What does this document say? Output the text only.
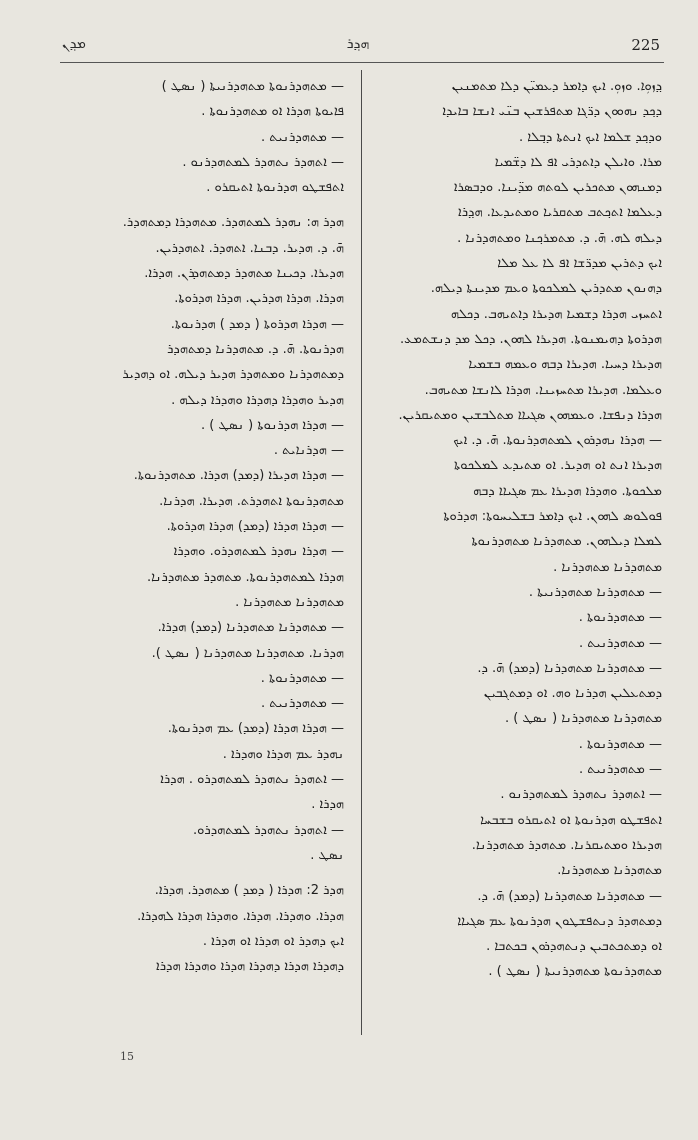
ܡܕ݂ܢ	ܗܕ݂ܪ	225
ܕ݂ܙܘܼܐ. ܘܙܘܼ. ܐܝܟ ܕܐܡܪ ܕܥܡܝ̈ܢ ܕܠܐ ܡܬܡܢܝܢ
ܕܟ݂ܕ ܢܗܘܘܢ ܕܪ̈ܓܐ ܡܬܦܪܫܝܢ ܒܢ̈ܝ ܐܢܫܐ ܒܐܝܕܐ
ܘܕܟ݂ܕ ܫܠܡܐ ܐܝܟ ܐܢܬܬܐ ܕܒ݂ܠܐ .
ܡܪܐ. ܘܐܝܠܢ ܕܐܬܕܪܝ ܐܦ ܠܐ ܕܫ̈ܡܝܐ
ܕܡܢܗܘܢ ܡܬܟܪܝܢ ܠܘܬܗ ܡܕ̈ܝܢܐ. ܘܕܒܣܪܐ
ܕܥܠܡܐ ܐܬܟ݂ܬܒ ܡܬܩܪܝܐ ܘܡܬܝܕܥܐ. ܗܕ݂ܪܐ
ܕܝܠܗ ܠܗ. ܗ̄. ܕ. ܡܬܡܪܟ݂ܢܐ ܘܡܬܗܕܪܢܐ .
ܐܝܟ ܕܬܪܝܢ ܡܕܪ̈ܫܐ ܐܦ ܠܐ ܥܠ ܡܠܐ
ܕܗܢܘܢ ܡܬܕܪܝܢ ܠܡܠܟܘܬܐ ܘܥܡ ܡܕܝܢܬܐ ܕܝܠܗ.
ܐܬܚܙܝ ܗܕܪܐ ܕܫܡܝܐ ܗܕܝܪܐ ܕܐܬܝܗܒ. ܕܟܠܗ
ܗܕܪܘܬܐ ܕܗܝܡܢܘܬܐ. ܗܕܝܪܐ ܠܗܘܢ. ܕܟܠ ܡܕ ܕܢܫܬܡܥ.
ܗܕܝܪܐ ܕܚܝܐ. ܗܕܝܪܐ ܕܒܗ ܘܥܡܗ ܒܫܡܝܐ
ܘܥܠܡܐ. ܗܕܝܪܐ ܡܬܚܙܝܢܐ. ܗܕܪܐ ܠܐܢܫܐ ܡܬܝܗܒ.
ܗܕܪܐ ܕܢܦܫܐ. ܘܥܡܗܘܢ ܣܓܝܐܐ ܡܬܠܒܫܝܢ ܘܡܬܝܩܪܝܢ.
— ܗܕܪܐ ܢܗܕܪܘܢ ܠܡܬܗܕܪܢܘܬܐ. ܗ̄. ܕ. ܐܝܟ
ܗܕܝܪܐ ܐܢܬ ܐܘ ܗܕܝܪ. ܐܘ ܡܬܝܕܥ ܠܡܠܟܘܬܐ
ܡܠܟܘܬܐ. ܘܗܕܪܐ ܗܕܝܪܐ ܥܡ ܣܓܝܐܐ ܕܒܗ
ܦܘܠܘܣ ܠܗܘܢ. ܐܝܟ ܕܐܡܪ ܒܫܠܝܚܘܬܐ: ܗܕܪܘܬܐ
ܠܡܠܐ ܕܝܠܗܘܢ. ܡܬܗܕܪܢܐ ܡܬܗܕܪܢܘܬܐ
ܡܬܗܕܪܢܐ ܡܬܗܕܪܢܐ .
— ܡܬܗܕܪܢܐ ܡܬܗܕܪܢܝܬܐ .
— ܡܬܗܕܪܢܘܬܐ .
— ܡܬܗܕܪܢܝܬ .
— ܡܬܗܕܪܢܐ ܡܬܗܕܪܢܐ (ܕܡܕ) ܗ̄. ܕ.
ܕܡܬܥܠܝܢ ܗܕܪܢܐ ܘܗ. ܐܘ ܕܡܬܓܒܝܢ
ܡܬܗܕܪܢܐ ܡܬܗܕܪܢܐ ( ܢܣܛ ) .
— ܡܬܗܕܪܢܘܬܐ .
— ܡܬܗܕܪܢܝܬ .
— ܐܬܗܕܪ ܢܬܗܕܪ ܠܡܬܗܕܪܢܘ .
ܐܬܦܫܛܘ ܗܕܪܢܘܬܐ ܐܘ ܐܬܝܩܪܘ ܒܫܒܚܐ
ܗܕܝܪܐ ܘܡܬܝܩܪܢܐ. ܡܬܗܕܪ ܡܬܗܕܪܢܐ.
ܡܬܗܕܪܢܐ ܡܬܗܕܪܢܐ.
— ܡܬܗܕܪܢܐ ܡܬܗܕܪܢܐ (ܕܡܕ) ܗ̄. ܕ.
ܕܡܬܗܕܪ ܕܢܬܦܫܛܘܢ ܗܕܪܢܘܬܐ ܥܡ ܣܓܝܐܐ
ܐܘ ܕܡܬܟܬܒܝܢ ܕܢܬܗܕܪܘܢ ܒܟܬܒܐ .
ܡܬܗܕܪܢܘܬܐ ܡܬܗܕܪܢܝܬܐ ( ܢܣܛ ) .
— ܡܬܗܕܪܢܘܬܐ ܡܬܗܕܪܢܝܬܐ ( ܢܣܛ )
ܦܐܝܘܬܐ ܗܕܪܐ ܐܘ ܡܬܗܕܪܢܘܬܐ .
— ܡܬܗܕܪܢܝܬ .
— ܐܬܗܕܪ ܢܬܗܕܪ ܠܡܬܗܕܪܢܘ .
ܐܬܦܫܛܘ ܗܕܪܢܘܬܐ ܐܬܝܩܪܘ .
ܗܕܪ ܗ: ܢܗܕܪ ܠܡܬܗܕܪ. ܡܬܗܕܪܐ ܕܡܬܗܕܪ.
ܗ̄. ܕ. ܗܕܝܪ. ܕܒܢܐ. ܐܬܗܕܪ. ܐܬܗܕܪܝܢ.
ܗܕܝܪܐ. ܕܟܝܢܐ ܡܬܗܕܪ ܕܡܬܗܕܪܢ. ܗܕܪܐ.
ܗܕܪܐ. ܗܕܪܐ ܗܕܪܝܢ. ܗܕܪܐ ܗܕܪܘܬܐ.
— ܗܕܪܐ ܗܕܪܘܬܐ ( ܕܡܕ ) ܗܕܪܢܘܬܐ.
ܗܕܪܢܘܬܐ. ܗ̄. ܕ. ܡܬܗܕܪܢܐ ܕܡܬܗܕܪ
ܕܡܬܗܕܪܢܐ ܘܡܬܗܕܪ ܗܕܝܪ ܕܝܠܗ. ܐܘ ܕܗܕܝܪ
ܗܕܝܪ ܘܗܕܪܐ ܕܗܕܪܐ ܘܗܕܪܐ ܕܝܠܗ .
— ܗܕܪܐ ܗܕܪܢܘܬܐ ( ܢܣܛ ) .
— ܗܕܪܢܐܝܬ .
— ܗܕܪܐ ܗܕܝܪܐ (ܕܡܕ) ܗܕܪܐ. ܡܬܗܕܪܢܘܬܐ.
ܡܬܗܕܪܢܘܬܐ ܐܬܗܕܪܬ. ܗܕܝܪܐ. ܗܕܪܢܐ.
— ܗܕܪܐ ܗܕܪܐ (ܕܡܕ) ܗܕܪܐ ܗܕܪܘܬܐ.
— ܗܕܪܐ ܢܗܕܪ ܠܡܬܗܕܪܘ. ܘܗܕܪܐ
ܗܕܪܐ ܠܡܬܗܕܪܢܘܬܐ. ܡܬܗܕܪ ܡܬܗܕܪܢܐ.
ܡܬܗܕܪܢܐ ܡܬܗܕܪܢܐ .
— ܡܬܗܕܪܢܐ ܡܬܗܕܪܢܐ (ܕܡܕ) ܗܕܪܐ.
ܗܕܪܢܐ. ܡܬܗܕܪܢܐ ܡܬܗܕܪܢܐ ( ܢܣܛ ).
— ܡܬܗܕܪܢܘܬܐ .
— ܡܬܗܕܪܢܝܬ .
— ܗܕܪܐ ܗܕܪܐ (ܕܡܕ) ܥܡ ܗܕܪܢܘܬܐ.
ܢܗܕܪ ܥܡ ܗܕܪܐ ܘܗܕܪܐ .
— ܐܬܗܕܪ ܢܬܗܕܪ ܠܡܬܗܕܪܘ . ܗܕܪܐ
ܗܕܪܐ .
— ܐܬܗܕܪ ܢܬܗܕܪ ܠܡܬܗܕܪܘ.
ܢܣܛ .
ܗܕܪ 2: ܗܕܪܐ ( ܕܡܕ ) ܡܬܗܕܪ. ܗܕܪܐ.
ܗܕܪܐ. ܘܗܕܪܐ. ܗܕܪܐ. ܘܗܕܪܐ ܗܕܪܐ ܠܗܕܪܐ.
ܐܝܟ ܕܗܕܪ ܐܘ ܗܕܪܐ ܐܘ ܗܕܪܐ .
ܕܗܕܪܐ ܗܕܪܐ ܕܗܕܪܐ ܗܕܪܐ ܘܗܕܪܐ ܗܕܪܐ
15
